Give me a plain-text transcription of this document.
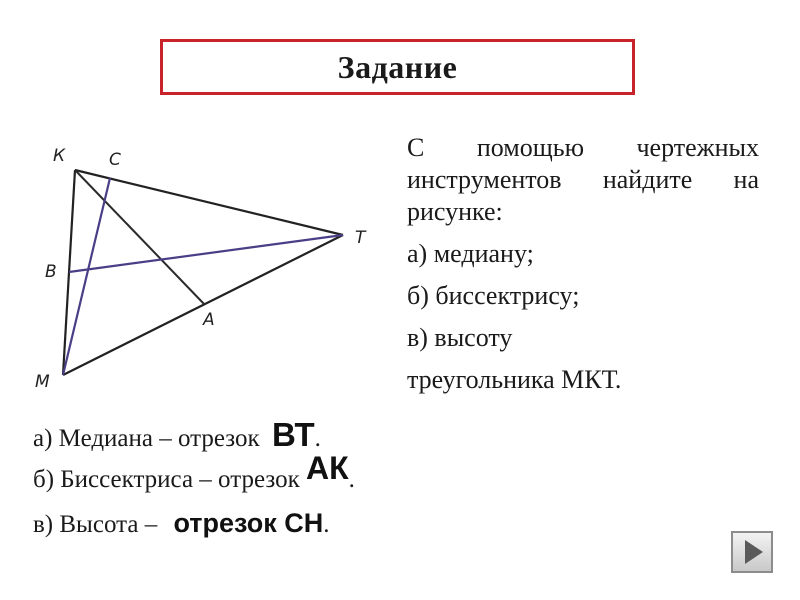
Задание
К	С
Т
В
А
М

С помощью чертежных инструментов найдите на рисунке:

а) медиану;

б) биссектрису;

в) высоту

треугольника МКТ.

а) Медиана – отрезок ВТ.
б) Биссектриса – отрезок АК.
в) Высота – отрезок СН.
